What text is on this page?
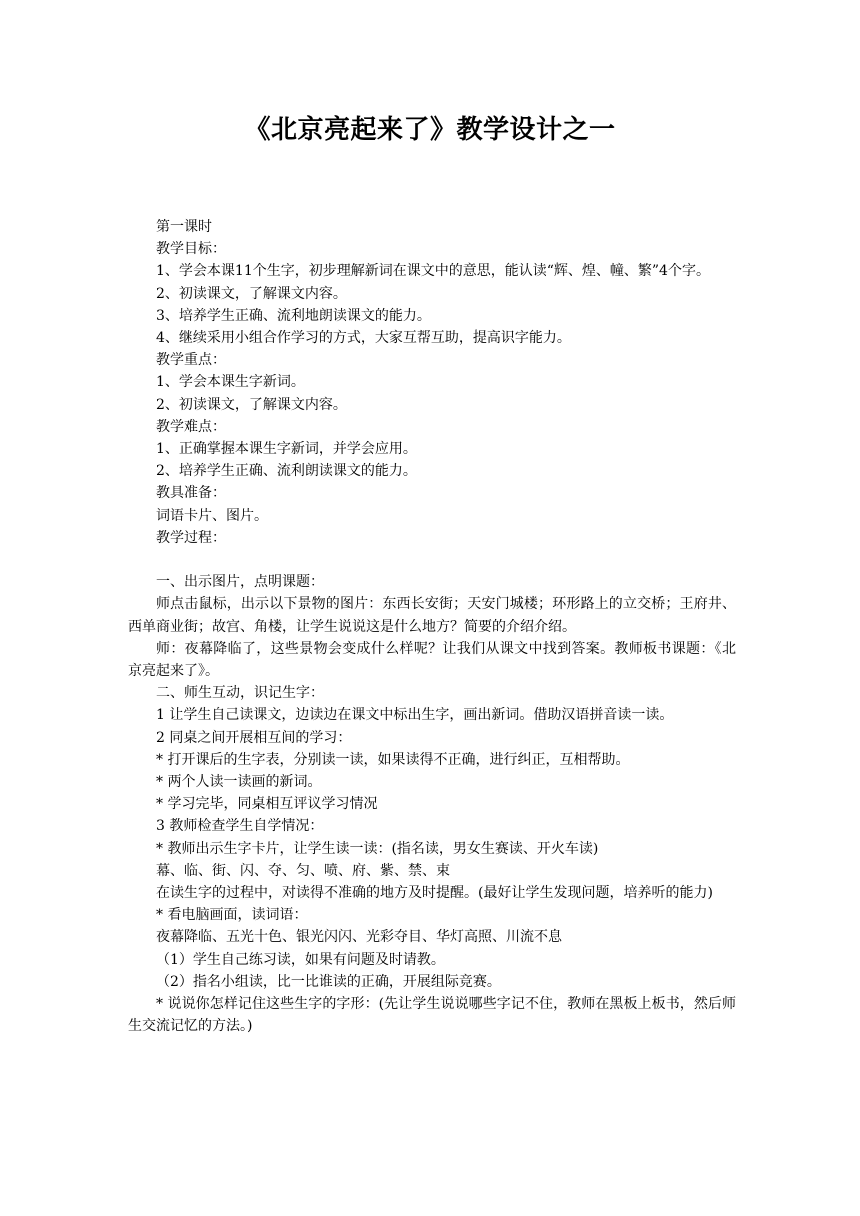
《北京亮起来了》教学设计之一

第一课时

教学目标：

1、学会本课11个生字，初步理解新词在课文中的意思，能认读“辉、煌、幢、繁”4个字。

2、初读课文，了解课文内容。

3、培养学生正确、流利地朗读课文的能力。

4、继续采用小组合作学习的方式，大家互帮互助，提高识字能力。

教学重点：

1、学会本课生字新词。

2、初读课文，了解课文内容。

教学难点：

1、正确掌握本课生字新词，并学会应用。

2、培养学生正确、流利朗读课文的能力。

教具准备：

词语卡片、图片。

教学过程：

一、出示图片，点明课题：

师点击鼠标，出示以下景物的图片：东西长安街；天安门城楼；环形路上的立交桥；王府井、西单商业街；故宫、角楼，让学生说说这是什么地方？简要的介绍介绍。

师：夜幕降临了，这些景物会变成什么样呢？让我们从课文中找到答案。教师板书课题：《北京亮起来了》。

二、师生互动，识记生字：

1 让学生自己读课文，边读边在课文中标出生字，画出新词。借助汉语拼音读一读。

2 同桌之间开展相互间的学习：

* 打开课后的生字表，分别读一读，如果读得不正确，进行纠正，互相帮助。

* 两个人读一读画的新词。

* 学习完毕，同桌相互评议学习情况

3 教师检查学生自学情况：

* 教师出示生字卡片，让学生读一读：(指名读，男女生赛读、开火车读)

幕、临、街、闪、夺、匀、喷、府、紫、禁、束

在读生字的过程中，对读得不准确的地方及时提醒。(最好让学生发现问题，培养听的能力)

* 看电脑画面，读词语：

夜幕降临、五光十色、银光闪闪、光彩夺目、华灯高照、川流不息

（1）学生自己练习读，如果有问题及时请教。

（2）指名小组读，比一比谁读的正确，开展组际竞赛。

* 说说你怎样记住这些生字的字形：(先让学生说说哪些字记不住，教师在黑板上板书，然后师生交流记忆的方法。)
